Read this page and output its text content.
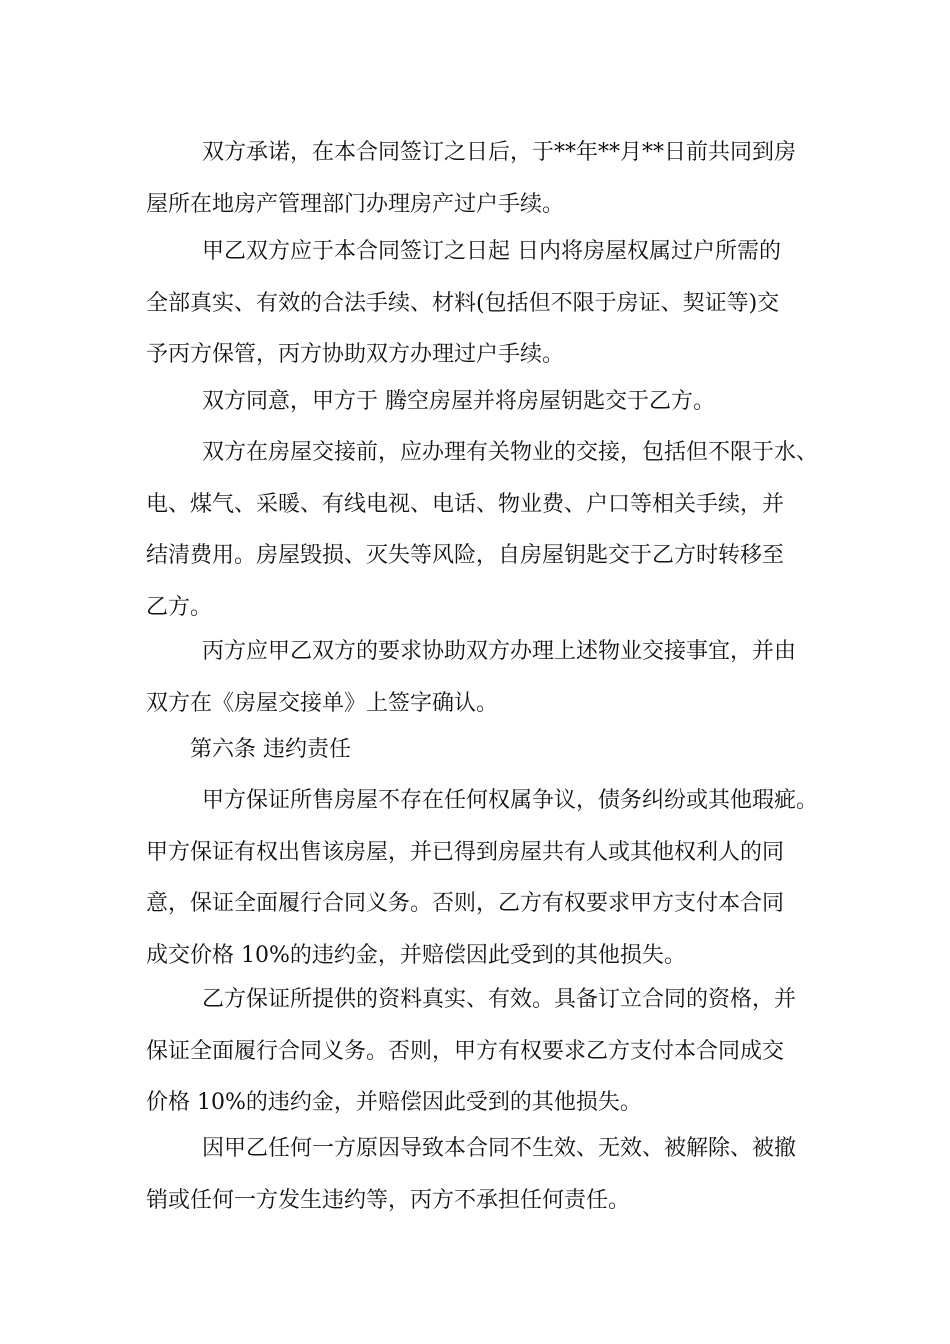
双方承诺，在本合同签订之日后，于**年**月**日前共同到房
屋所在地房产管理部门办理房产过户手续。

甲乙双方应于本合同签订之日起 日内将房屋权属过户所需的
全部真实、有效的合法手续、材料(包括但不限于房证、契证等)交
予丙方保管，丙方协助双方办理过户手续。

双方同意，甲方于 腾空房屋并将房屋钥匙交于乙方。

双方在房屋交接前，应办理有关物业的交接，包括但不限于水、
电、煤气、采暖、有线电视、电话、物业费、户口等相关手续，并
结清费用。房屋毁损、灭失等风险，自房屋钥匙交于乙方时转移至
乙方。

丙方应甲乙双方的要求协助双方办理上述物业交接事宜，并由
双方在《房屋交接单》上签字确认。

第六条 违约责任

甲方保证所售房屋不存在任何权属争议，债务纠纷或其他瑕疵。
甲方保证有权出售该房屋，并已得到房屋共有人或其他权利人的同
意，保证全面履行合同义务。否则，乙方有权要求甲方支付本合同
成交价格 10%的违约金，并赔偿因此受到的其他损失。

乙方保证所提供的资料真实、有效。具备订立合同的资格，并
保证全面履行合同义务。否则，甲方有权要求乙方支付本合同成交
价格 10%的违约金，并赔偿因此受到的其他损失。

因甲乙任何一方原因导致本合同不生效、无效、被解除、被撤
销或任何一方发生违约等，丙方不承担任何责任。
